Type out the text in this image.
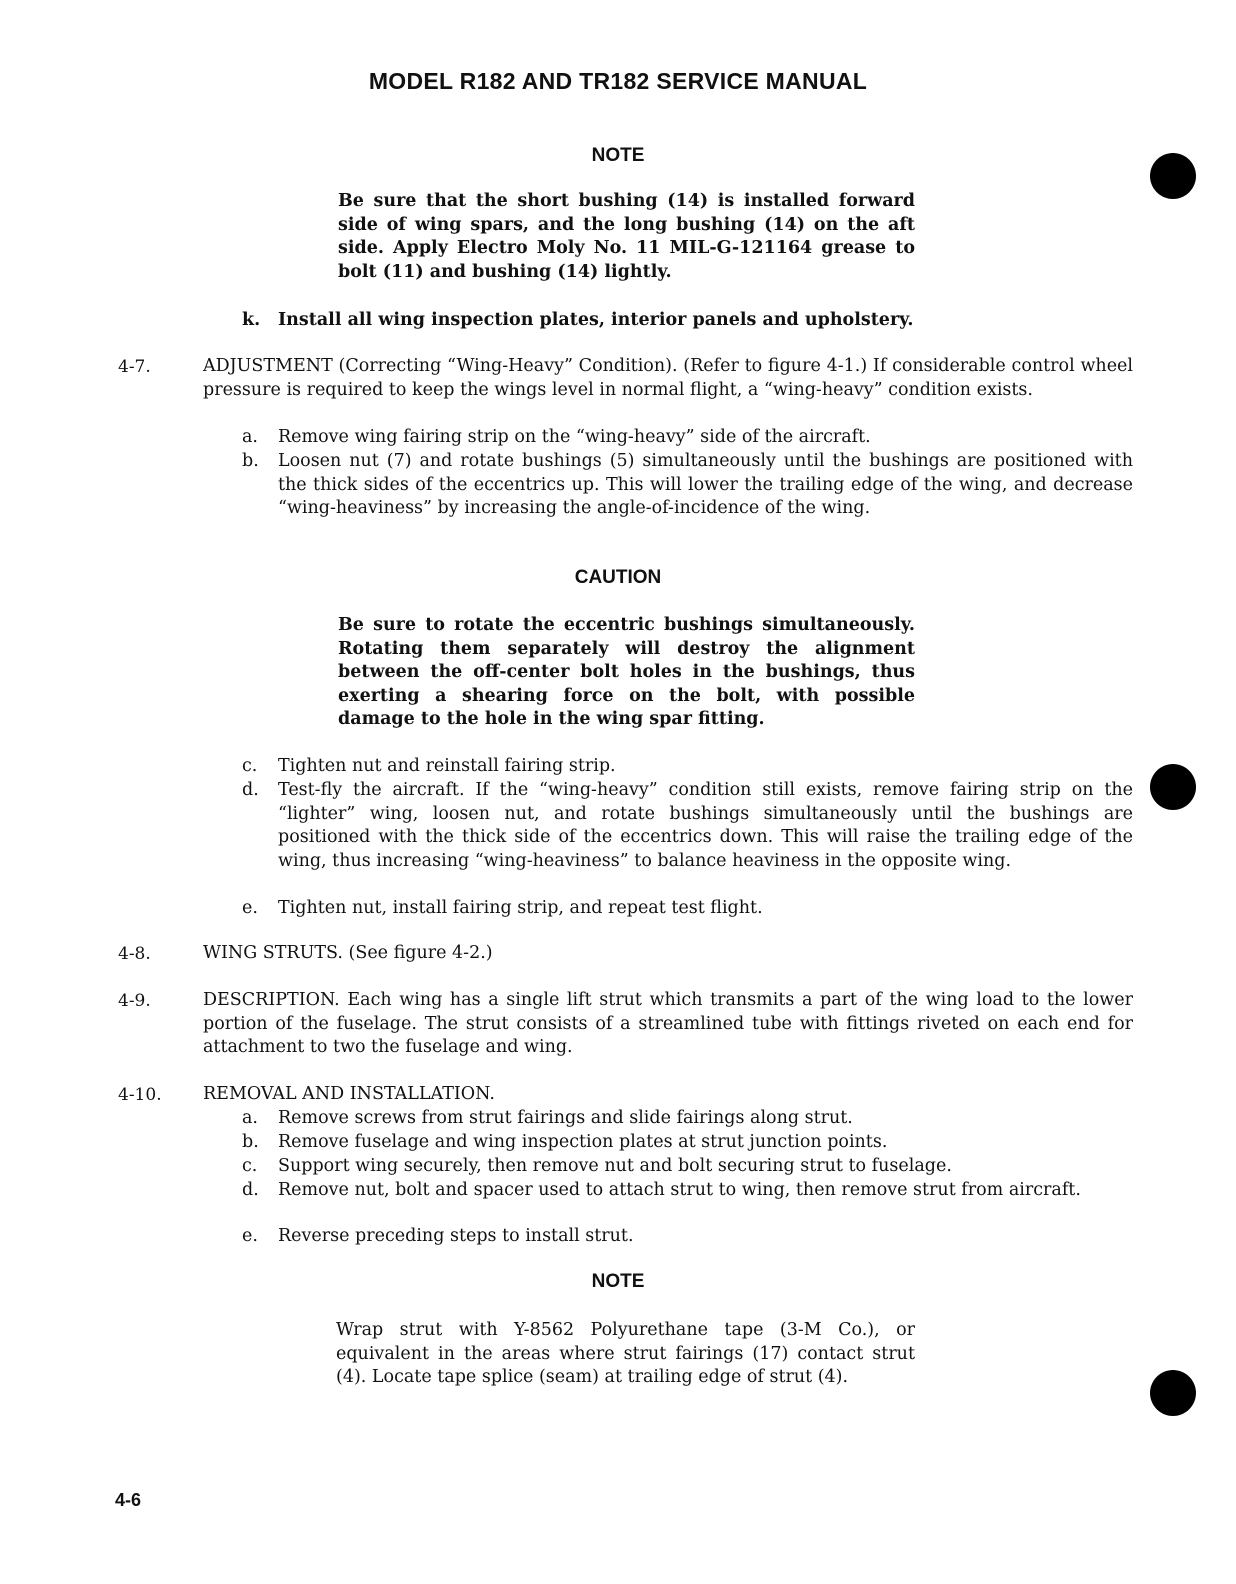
MODEL R182 AND TR182 SERVICE MANUAL
NOTE
Be sure that the short bushing (14) is installed forward side of wing spars, and the long bushing (14) on the aft side. Apply Electro Moly No. 11 MIL-G-121164 grease to bolt (11) and bushing (14) lightly.
k.	Install all wing inspection plates, interior panels and upholstery.
4-7.	ADJUSTMENT (Correcting “Wing-Heavy” Condition). (Refer to figure 4-1.) If considerable control wheel pressure is required to keep the wings level in normal flight, a “wing-heavy” condition exists.
a.	Remove wing fairing strip on the “wing-heavy” side of the aircraft.
b.	Loosen nut (7) and rotate bushings (5) simultaneously until the bushings are positioned with the thick sides of the eccentrics up. This will lower the trailing edge of the wing, and decrease “wing-heaviness” by increasing the angle-of-incidence of the wing.
CAUTION
Be sure to rotate the eccentric bushings simultaneously. Rotating them separately will destroy the alignment between the off-center bolt holes in the bushings, thus exerting a shearing force on the bolt, with possible damage to the hole in the wing spar fitting.
c.	Tighten nut and reinstall fairing strip.
d.	Test-fly the aircraft. If the “wing-heavy” condition still exists, remove fairing strip on the “lighter” wing, loosen nut, and rotate bushings simultaneously until the bushings are positioned with the thick side of the eccentrics down. This will raise the trailing edge of the wing, thus increasing “wing-heaviness” to balance heaviness in the opposite wing.
e.	Tighten nut, install fairing strip, and repeat test flight.
4-8.	WING STRUTS. (See figure 4-2.)
4-9.	DESCRIPTION. Each wing has a single lift strut which transmits a part of the wing load to the lower portion of the fuselage. The strut consists of a streamlined tube with fittings riveted on each end for attachment to two the fuselage and wing.
4-10. REMOVAL AND INSTALLATION.
a.	Remove screws from strut fairings and slide fairings along strut.
b.	Remove fuselage and wing inspection plates at strut junction points.
c.	Support wing securely, then remove nut and bolt securing strut to fuselage.
d.	Remove nut, bolt and spacer used to attach strut to wing, then remove strut from aircraft.
e.	Reverse preceding steps to install strut.
NOTE
Wrap strut with Y-8562 Polyurethane tape (3-M Co.), or equivalent in the areas where strut fairings (17) contact strut (4). Locate tape splice (seam) at trailing edge of strut (4).
4-6
